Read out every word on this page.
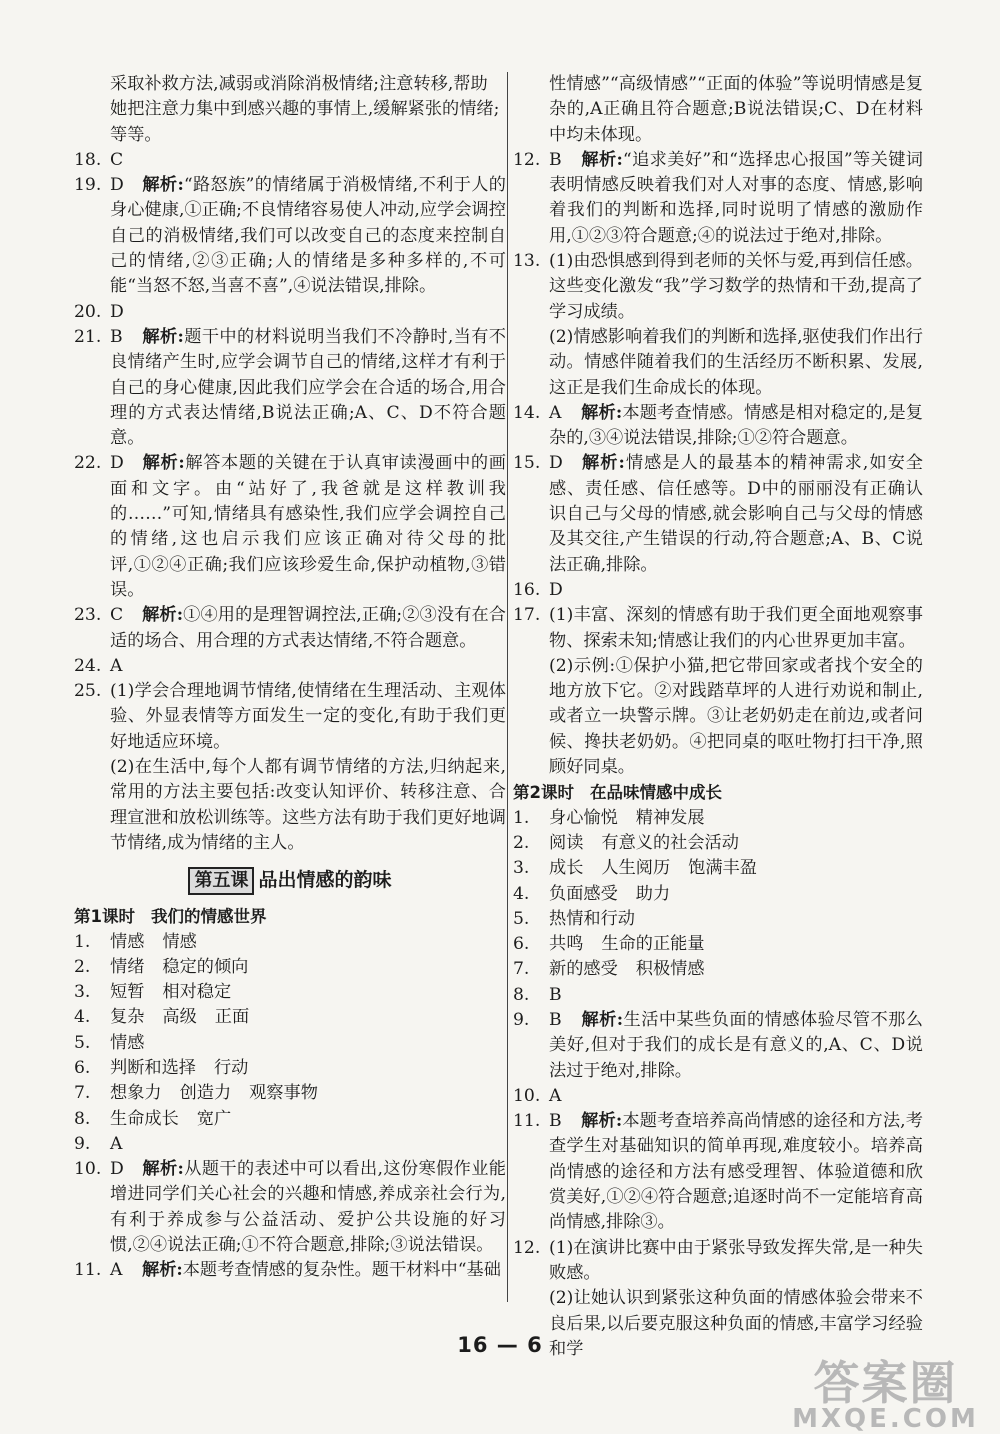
采取补救方法,减弱或消除消极情绪;注意转移,帮助
她把注意力集中到感兴趣的事情上,缓解紧张的情绪;
等等。
18. C
19. D 解析:“路怒族”的情绪属于消极情绪,不利于人的身心健康,①正确;不良情绪容易使人冲动,应学会调控自己的消极情绪,我们可以改变自己的态度来控制自己的情绪,②③正确;人的情绪是多种多样的,不可能“当怒不怒,当喜不喜”,④说法错误,排除。
20. D
21. B 解析:题干中的材料说明当我们不冷静时,当有不良情绪产生时,应学会调节自己的情绪,这样才有利于自己的身心健康,因此我们应学会在合适的场合,用合理的方式表达情绪,B说法正确;A、C、D不符合题意。
22. D 解析:解答本题的关键在于认真审读漫画中的画面和文字。由“站好了,我爸就是这样教训我的……”可知,情绪具有感染性,我们应学会调控自己的情绪,这也启示我们应该正确对待父母的批评,①②④正确;我们应该珍爱生命,保护动植物,③错误。
23. C 解析:①④用的是理智调控法,正确;②③没有在合适的场合、用合理的方式表达情绪,不符合题意。
24. A
25. (1)学会合理地调节情绪,使情绪在生理活动、主观体验、外显表情等方面发生一定的变化,有助于我们更好地适应环境。
(2)在生活中,每个人都有调节情绪的方法,归纳起来,常用的方法主要包括:改变认知评价、转移注意、合理宣泄和放松训练等。这些方法有助于我们更好地调节情绪,成为情绪的主人。
第五课 品出情感的韵味
第1课时 我们的情感世界
1.	情感 情感
2.	情绪 稳定的倾向
3.	短暂 相对稳定
4.	复杂 高级 正面
5.	情感
6.	判断和选择 行动
7.	想象力 创造力 观察事物
8.	生命成长 宽广
9.	A
10. D 解析:从题干的表述中可以看出,这份寒假作业能增进同学们关心社会的兴趣和情感,养成亲社会行为,有利于养成参与公益活动、爱护公共设施的好习惯,②④说法正确;①不符合题意,排除;③说法错误。
11. A 解析:本题考查情感的复杂性。题干材料中“基础
性情感”“高级情感”“正面的体验”等说明情感是复杂的,A正确且符合题意;B说法错误;C、D在材料中均未体现。
12. B 解析:“追求美好”和“选择忠心报国”等关键词表明情感反映着我们对人对事的态度、情感,影响着我们的判断和选择,同时说明了情感的激励作用,①②③符合题意;④的说法过于绝对,排除。
13. (1)由恐惧感到得到老师的关怀与爱,再到信任感。这些变化激发“我”学习数学的热情和干劲,提高了学习成绩。
(2)情感影响着我们的判断和选择,驱使我们作出行动。情感伴随着我们的生活经历不断积累、发展,这正是我们生命成长的体现。
14. A 解析:本题考查情感。情感是相对稳定的,是复杂的,③④说法错误,排除;①②符合题意。
15. D 解析:情感是人的最基本的精神需求,如安全感、责任感、信任感等。D中的丽丽没有正确认识自己与父母的情感,就会影响自己与父母的情感及其交往,产生错误的行动,符合题意;A、B、C说法正确,排除。
16. D
17. (1)丰富、深刻的情感有助于我们更全面地观察事物、探索未知;情感让我们的内心世界更加丰富。
(2)示例:①保护小猫,把它带回家或者找个安全的地方放下它。②对践踏草坪的人进行劝说和制止,或者立一块警示牌。③让老奶奶走在前边,或者问候、搀扶老奶奶。④把同桌的呕吐物打扫干净,照顾好同桌。
第2课时 在品味情感中成长
1.	身心愉悦 精神发展
2.	阅读 有意义的社会活动
3.	成长 人生阅历 饱满丰盈
4.	负面感受 助力
5.	热情和行动
6.	共鸣 生命的正能量
7.	新的感受 积极情感
8.	B
9.	B 解析:生活中某些负面的情感体验尽管不那么美好,但对于我们的成长是有意义的,A、C、D说法过于绝对,排除。
10. A
11. B 解析:本题考查培养高尚情感的途径和方法,考查学生对基础知识的简单再现,难度较小。培养高尚情感的途径和方法有感受理智、体验道德和欣赏美好,①②④符合题意;追逐时尚不一定能培育高尚情感,排除③。
12. (1)在演讲比赛中由于紧张导致发挥失常,是一种失败感。
(2)让她认识到紧张这种负面的情感体验会带来不良后果,以后要克服这种负面的情感,丰富学习经验和学
16 — 6
答案圈
MXQE.COM
